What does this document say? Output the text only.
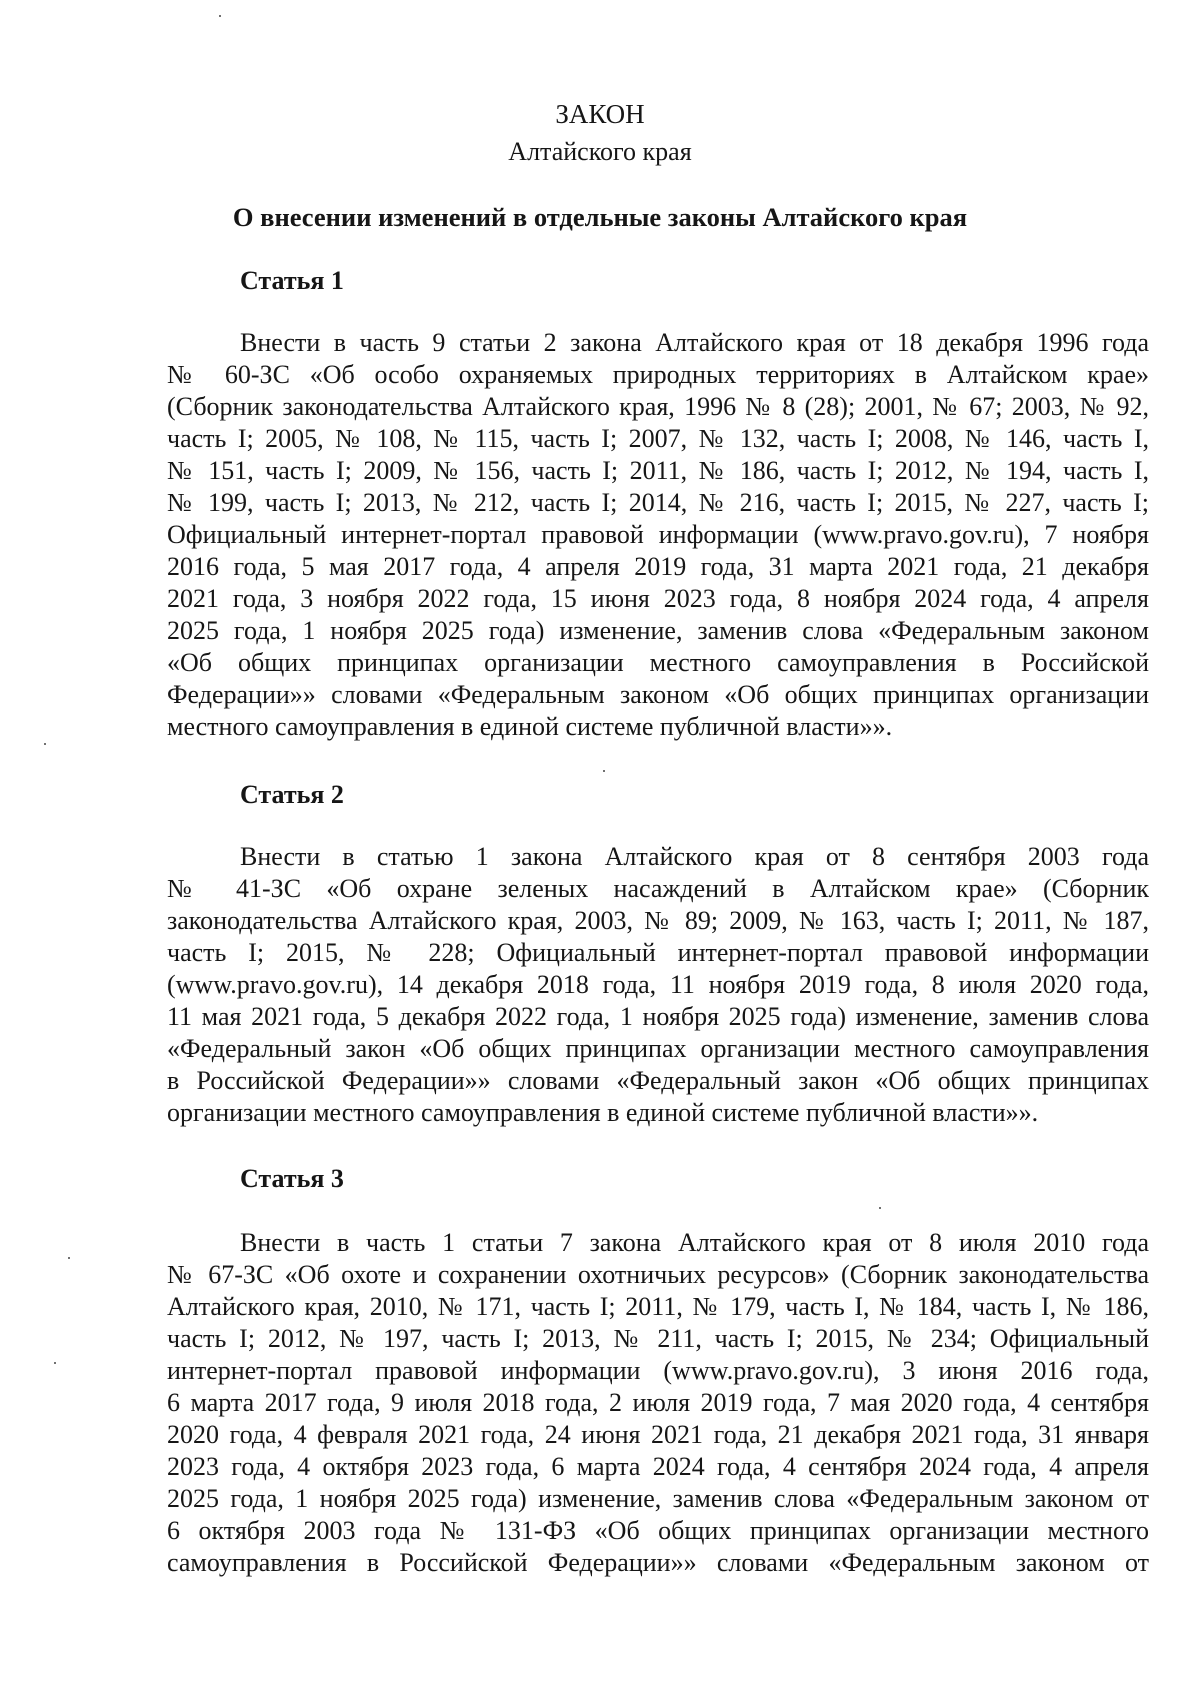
ЗАКОН
Алтайского края
О внесении изменений в отдельные законы Алтайского края
Статья 1
Внести в часть 9 статьи 2 закона Алтайского края от 18 декабря 1996 года
№ 60-ЗС «Об особо охраняемых природных территориях в Алтайском крае»
(Сборник законодательства Алтайского края, 1996 № 8 (28); 2001, № 67; 2003, № 92,
часть I; 2005, № 108, № 115, часть I; 2007, № 132, часть I; 2008, № 146, часть I,
№ 151, часть I; 2009, № 156, часть I; 2011, № 186, часть I; 2012, № 194, часть I,
№ 199, часть I; 2013, № 212, часть I; 2014, № 216, часть I; 2015, № 227, часть I;
Официальный интернет-портал правовой информации (www.pravo.gov.ru), 7 ноября
2016 года, 5 мая 2017 года, 4 апреля 2019 года, 31 марта 2021 года, 21 декабря
2021 года, 3 ноября 2022 года, 15 июня 2023 года, 8 ноября 2024 года, 4 апреля
2025 года, 1 ноября 2025 года) изменение, заменив слова «Федеральным законом
«Об общих принципах организации местного самоуправления в Российской
Федерации»» словами «Федеральным законом «Об общих принципах организации
местного самоуправления в единой системе публичной власти»».
Статья 2
Внести в статью 1 закона Алтайского края от 8 сентября 2003 года
№ 41-ЗС «Об охране зеленых насаждений в Алтайском крае» (Сборник
законодательства Алтайского края, 2003, № 89; 2009, № 163, часть I; 2011, № 187,
часть I; 2015, № 228; Официальный интернет-портал правовой информации
(www.pravo.gov.ru), 14 декабря 2018 года, 11 ноября 2019 года, 8 июля 2020 года,
11 мая 2021 года, 5 декабря 2022 года, 1 ноября 2025 года) изменение, заменив слова
«Федеральный закон «Об общих принципах организации местного самоуправления
в Российской Федерации»» словами «Федеральный закон «Об общих принципах
организации местного самоуправления в единой системе публичной власти»».
Статья 3
Внести в часть 1 статьи 7 закона Алтайского края от 8 июля 2010 года
№ 67-ЗС «Об охоте и сохранении охотничьих ресурсов» (Сборник законодательства
Алтайского края, 2010, № 171, часть I; 2011, № 179, часть I, № 184, часть I, № 186,
часть I; 2012, № 197, часть I; 2013, № 211, часть I; 2015, № 234; Официальный
интернет-портал правовой информации (www.pravo.gov.ru), 3 июня 2016 года,
6 марта 2017 года, 9 июля 2018 года, 2 июля 2019 года, 7 мая 2020 года, 4 сентября
2020 года, 4 февраля 2021 года, 24 июня 2021 года, 21 декабря 2021 года, 31 января
2023 года, 4 октября 2023 года, 6 марта 2024 года, 4 сентября 2024 года, 4 апреля
2025 года, 1 ноября 2025 года) изменение, заменив слова «Федеральным законом от
6 октября 2003 года № 131-ФЗ «Об общих принципах организации местного
самоуправления в Российской Федерации»» словами «Федеральным законом от
